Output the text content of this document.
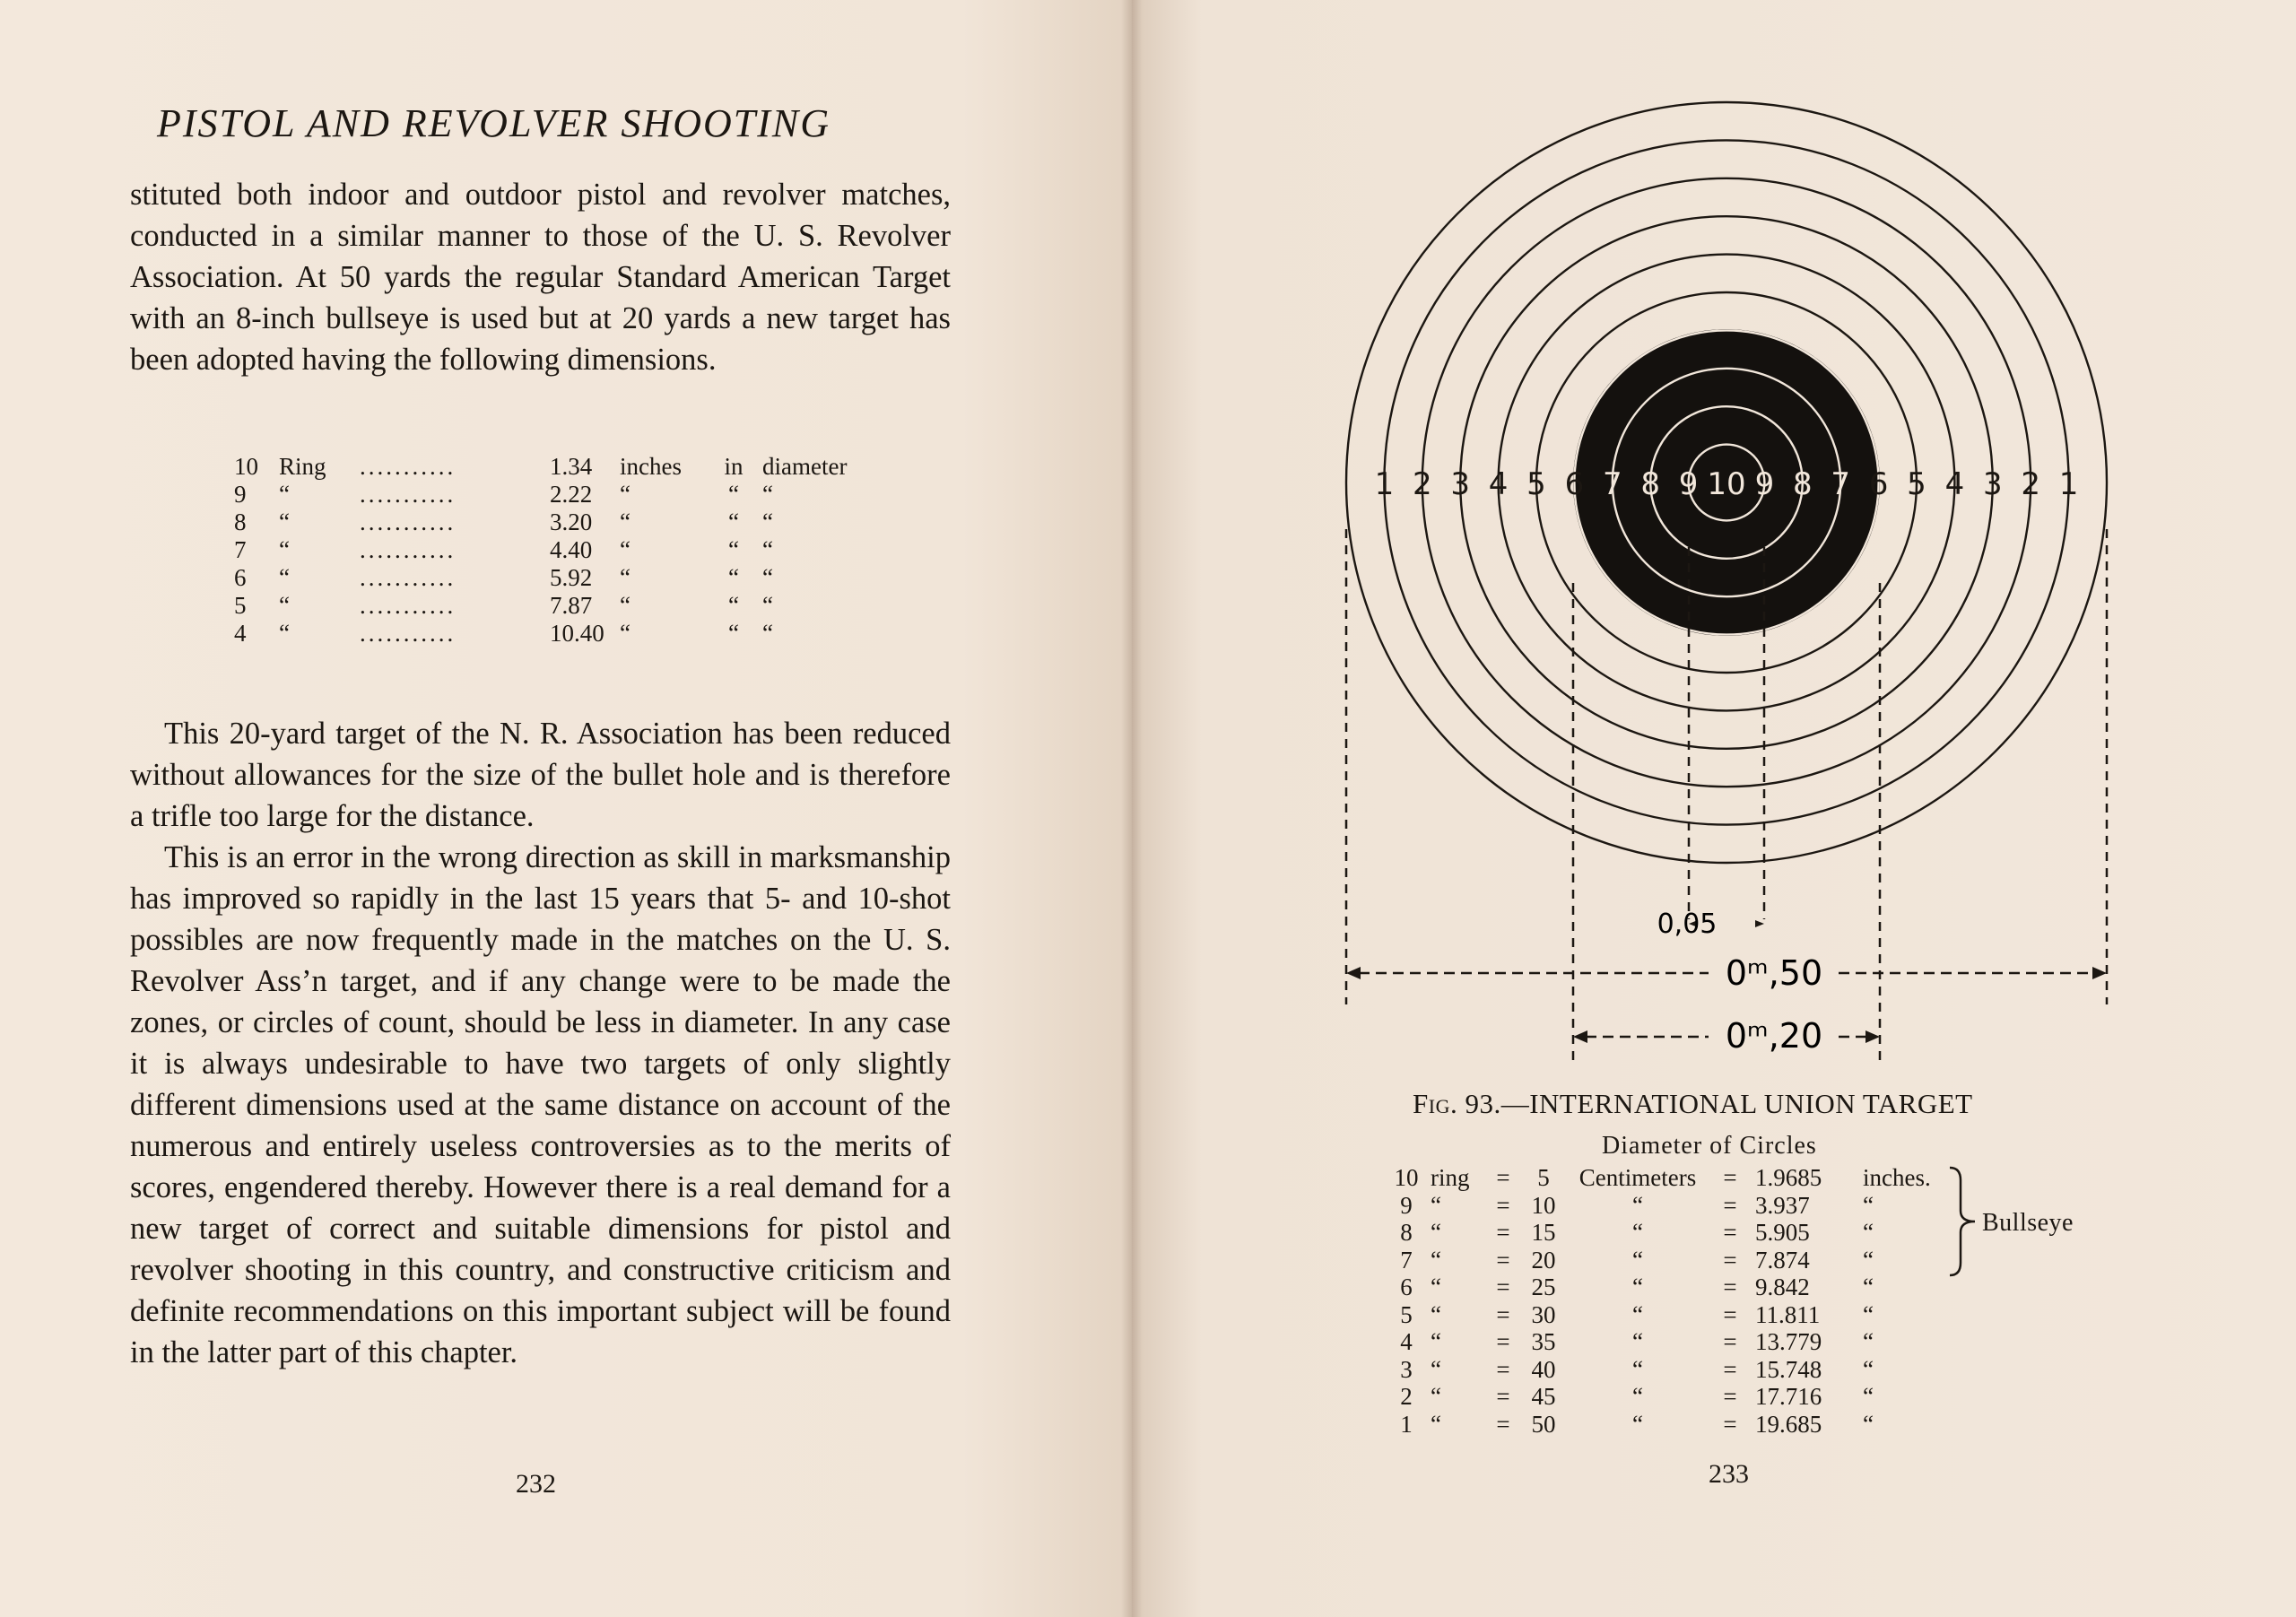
PISTOL AND REVOLVER SHOOTING

stituted both indoor and outdoor pistol and revolver matches, conducted in a similar manner to those of the U. S. Revolver Association. At 50 yards the regular Standard American Target with an 8-inch bullseye is used but at 20 yards a new target has been adopted having the following dimensions.

10	Ring	...........	1.34	inches	in	diameter
9	“	...........	2.22	“	“	“
8	“	...........	3.20	“	“	“
7	“	...........	4.40	“	“	“
6	“	...........	5.92	“	“	“
5	“	...........	7.87	“	“	“
4	“	...........	10.40	“	“	“

This 20-yard target of the N. R. Association has been reduced without allowances for the size of the bullet hole and is therefore a trifle too large for the distance.

This is an error in the wrong direction as skill in marksmanship has improved so rapidly in the last 15 years that 5- and 10-shot possibles are now frequently made in the matches on the U. S. Revolver Ass’n target, and if any change were to be made the zones, or circles of count, should be less in diameter. In any case it is always undesirable to have two targets of only slightly different dimensions used at the same distance on account of the numerous and entirely useless controversies as to the merits of scores, engendered thereby. However there is a real demand for a new target of correct and suitable dimensions for pistol and revolver shooting in this country, and constructive criticism and definite recommendations on this important subject will be found in the latter part of this chapter.

232
1 2 3 4 5 6 7 8 9 10 9 8 7 6 5 4 3 2 1
0,05
0ᵐ,50
0ᵐ,20
Fig. 93.—INTERNATIONAL UNION TARGET
Diameter of Circles
10	ring	=	5	Centimeters	=	1.9685	inches.
9	“	=	10	“	=	3.937	“
8	“	=	15	“	=	5.905	“
7	“	=	20	“	=	7.874	“
6	“	=	25	“	=	9.842	“
5	“	=	30	“	=	11.811	“
4	“	=	35	“	=	13.779	“
3	“	=	40	“	=	15.748	“
2	“	=	45	“	=	17.716	“
1	“	=	50	“	=	19.685	“
Bullseye
233
